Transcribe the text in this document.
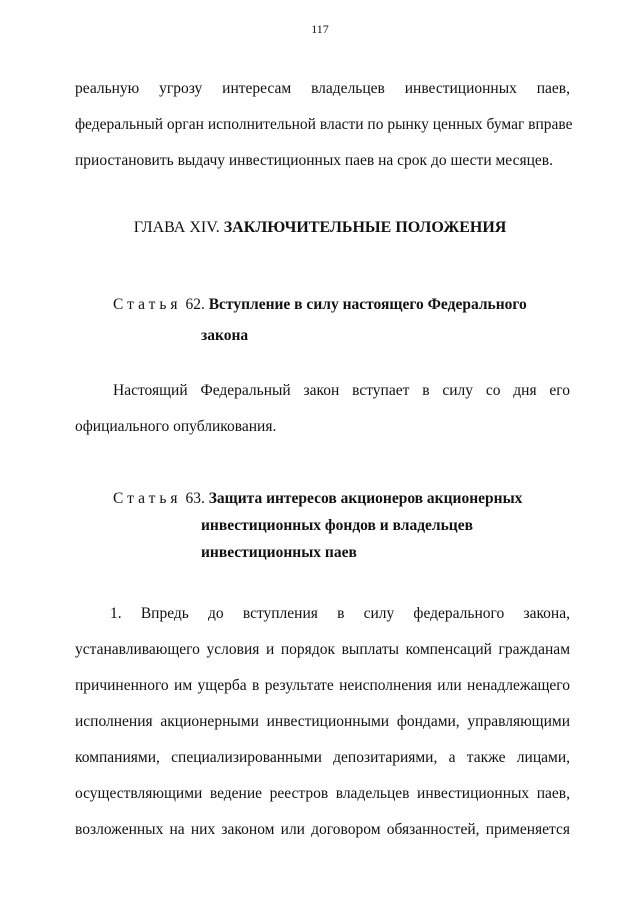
117
реальную угрозу интересам владельцев инвестиционных паев,
федеральный орган исполнительной власти по рынку ценных бумаг вправе
приостановить выдачу инвестиционных паев на срок до шести месяцев.
ГЛАВА XIV. ЗАКЛЮЧИТЕЛЬНЫЕ ПОЛОЖЕНИЯ
Статья 62. Вступление в силу настоящего Федерального
закона
Настоящий Федеральный закон вступает в силу со дня его
официального опубликования.
Статья 63. Защита интересов акционеров акционерных
инвестиционных фондов и владельцев
инвестиционных паев
1. Впредь до вступления в силу федерального закона,
устанавливающего условия и порядок выплаты компенсаций гражданам
причиненного им ущерба в результате неисполнения или ненадлежащего
исполнения акционерными инвестиционными фондами, управляющими
компаниями, специализированными депозитариями, а также лицами,
осуществляющими ведение реестров владельцев инвестиционных паев,
возложенных на них законом или договором обязанностей, применяется
